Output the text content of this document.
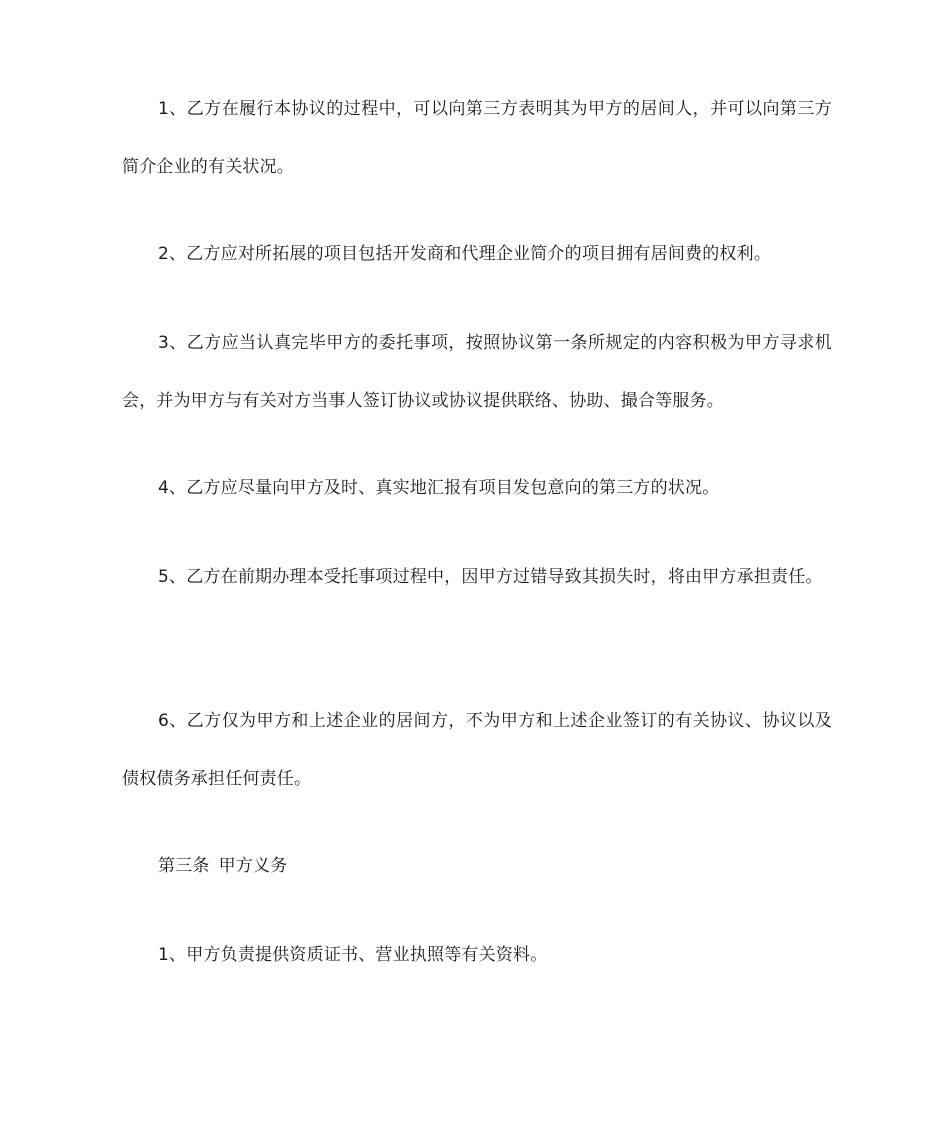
1、乙方在履行本协议的过程中，可以向第三方表明其为甲方的居间人，并可以向第三方简介企业的有关状况。

2、乙方应对所拓展的项目包括开发商和代理企业简介的项目拥有居间费的权利。

3、乙方应当认真完毕甲方的委托事项，按照协议第一条所规定的内容积极为甲方寻求机会，并为甲方与有关对方当事人签订协议或协议提供联络、协助、撮合等服务。

4、乙方应尽量向甲方及时、真实地汇报有项目发包意向的第三方的状况。

5、乙方在前期办理本受托事项过程中，因甲方过错导致其损失时，将由甲方承担责任。

6、乙方仅为甲方和上述企业的居间方，不为甲方和上述企业签订的有关协议、协议以及债权债务承担任何责任。

第三条 甲方义务

1、甲方负责提供资质证书、营业执照等有关资料。
